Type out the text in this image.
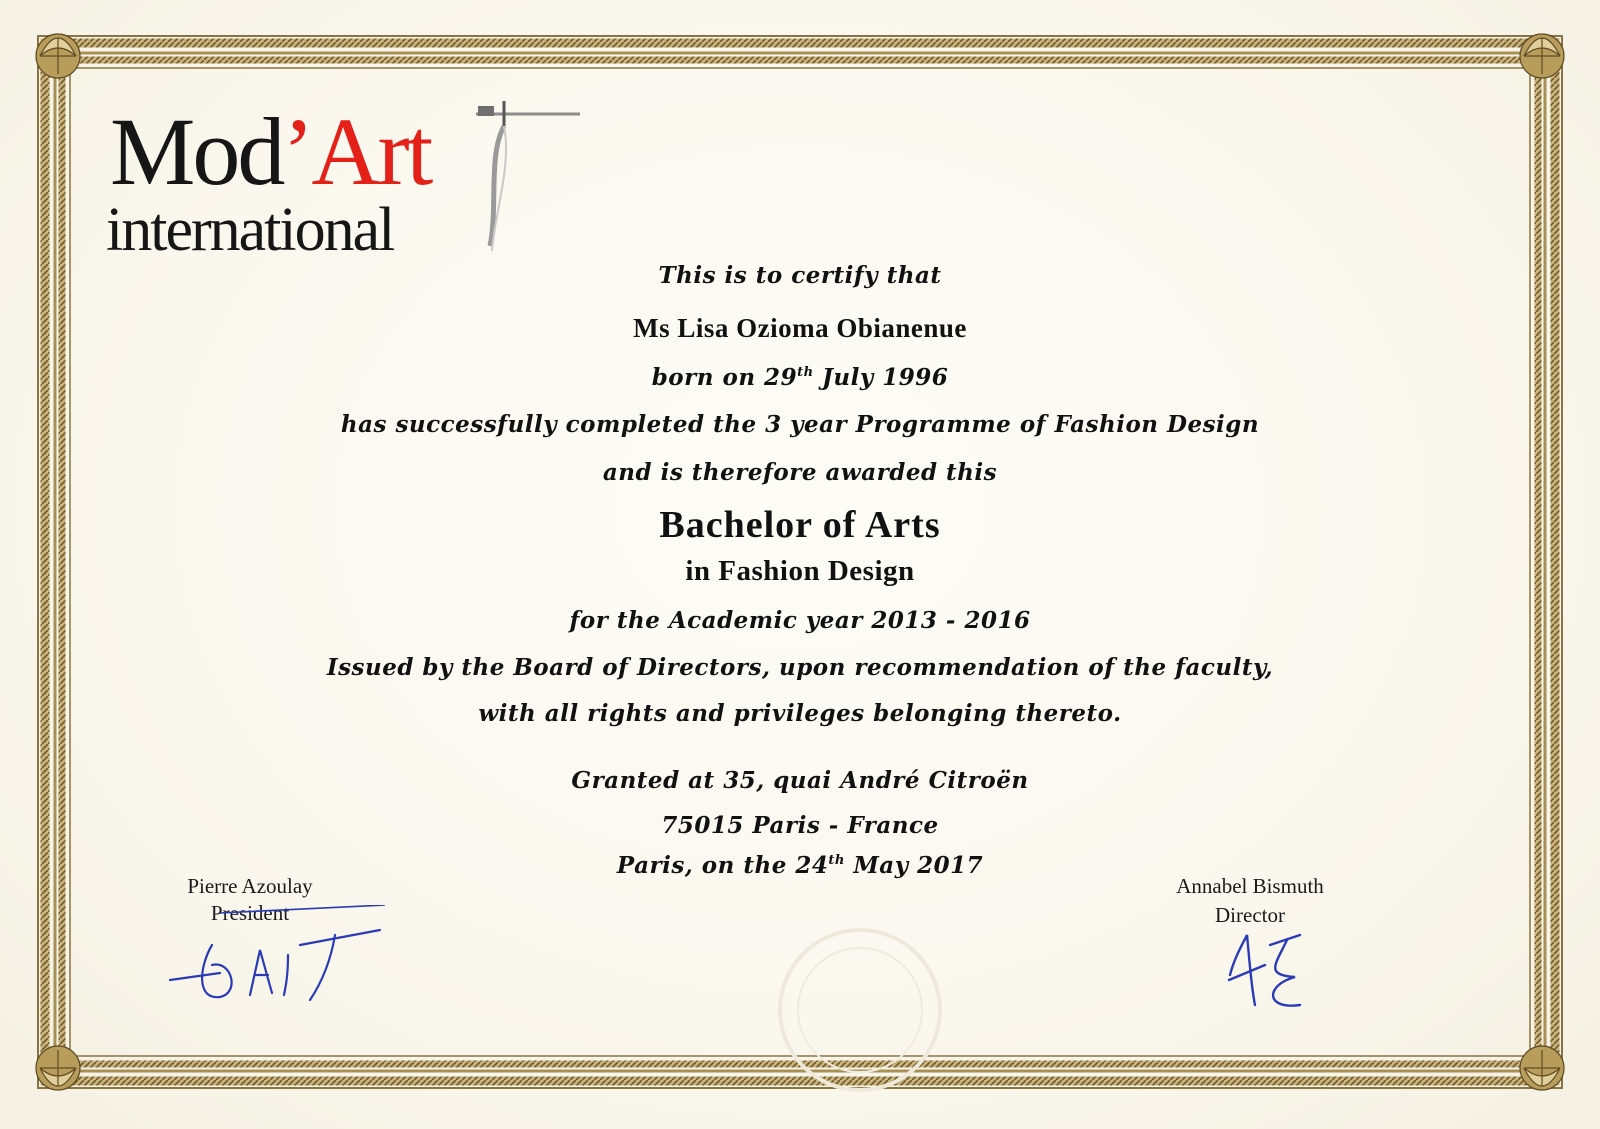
Mod’Art
international
This is to certify that
Ms Lisa Ozioma Obianenue
born on 29th July 1996
has successfully completed the 3 year Programme of Fashion Design
and is therefore awarded this
Bachelor of Arts
in Fashion Design
for the Academic year 2013 - 2016
Issued by the Board of Directors, upon recommendation of the faculty,
with all rights and privileges belonging thereto.
Granted at 35, quai André Citroën
75015 Paris - France
Paris, on the 24th May 2017
Pierre Azoulay
President
Annabel Bismuth
Director
